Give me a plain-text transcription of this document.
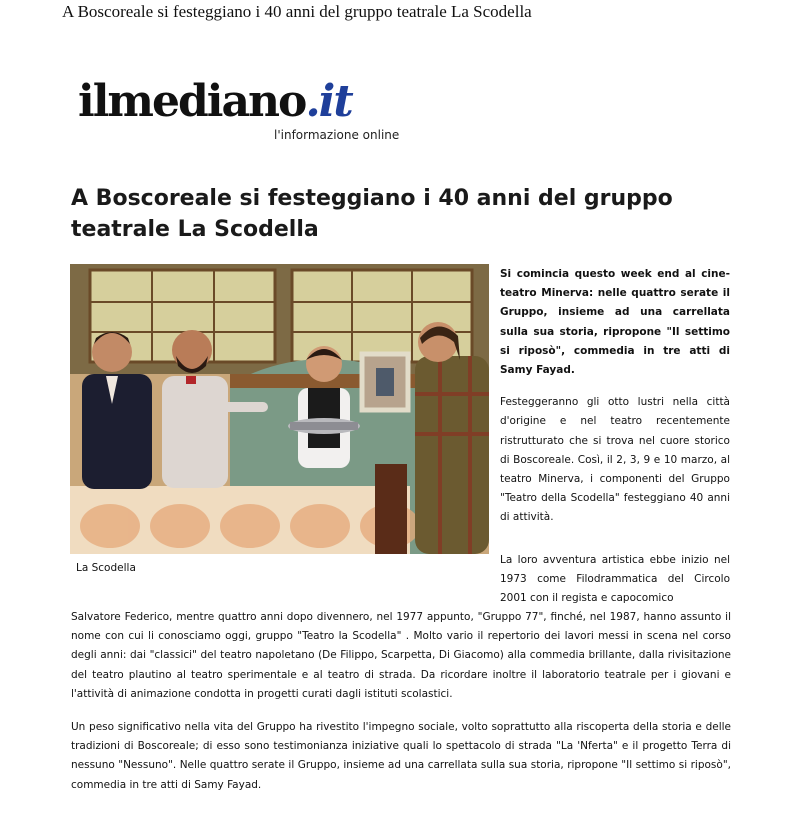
A Boscoreale si festeggiano i 40 anni del gruppo teatrale La Scodella
ilmediano.it
l'informazione online
A Boscoreale si festeggiano i 40 anni del gruppo teatrale La Scodella
La Scodella

Si comincia questo week end al cine-teatro Minerva: nelle quattro serate il Gruppo, insieme ad una carrellata sulla sua storia, ripropone "Il settimo si riposò", commedia in tre atti di Samy Fayad.

Festeggeranno gli otto lustri nella città d'origine e nel teatro recentemente ristrutturato che si trova nel cuore storico di Boscoreale. Così, il 2, 3, 9 e 10 marzo, al teatro Minerva, i componenti del Gruppo "Teatro della Scodella" festeggiano 40 anni di attività.

La loro avventura artistica ebbe inizio nel 1973 come Filodrammatica del Circolo 2001 con il regista e capocomico

Salvatore Federico, mentre quattro anni dopo divennero, nel 1977 appunto, "Gruppo 77", finché, nel 1987, hanno assunto il nome con cui li conosciamo oggi, gruppo "Teatro la Scodella" . Molto vario il repertorio dei lavori messi in scena nel corso degli anni: dai "classici" del teatro napoletano (De Filippo, Scarpetta, Di Giacomo) alla commedia brillante, dalla rivisitazione del teatro plautino al teatro sperimentale e al teatro di strada. Da ricordare inoltre il laboratorio teatrale per i giovani e l'attività di animazione condotta in progetti curati dagli istituti scolastici.

Un peso significativo nella vita del Gruppo ha rivestito l'impegno sociale, volto soprattutto alla riscoperta della storia e delle tradizioni di Boscoreale; di esso sono testimonianza iniziative quali lo spettacolo di strada "La 'Nferta" e il progetto Terra di nessuno "Nessuno". Nelle quattro serate il Gruppo, insieme ad una carrellata sulla sua storia, ripropone "Il settimo si riposò", commedia in tre atti di Samy Fayad.
